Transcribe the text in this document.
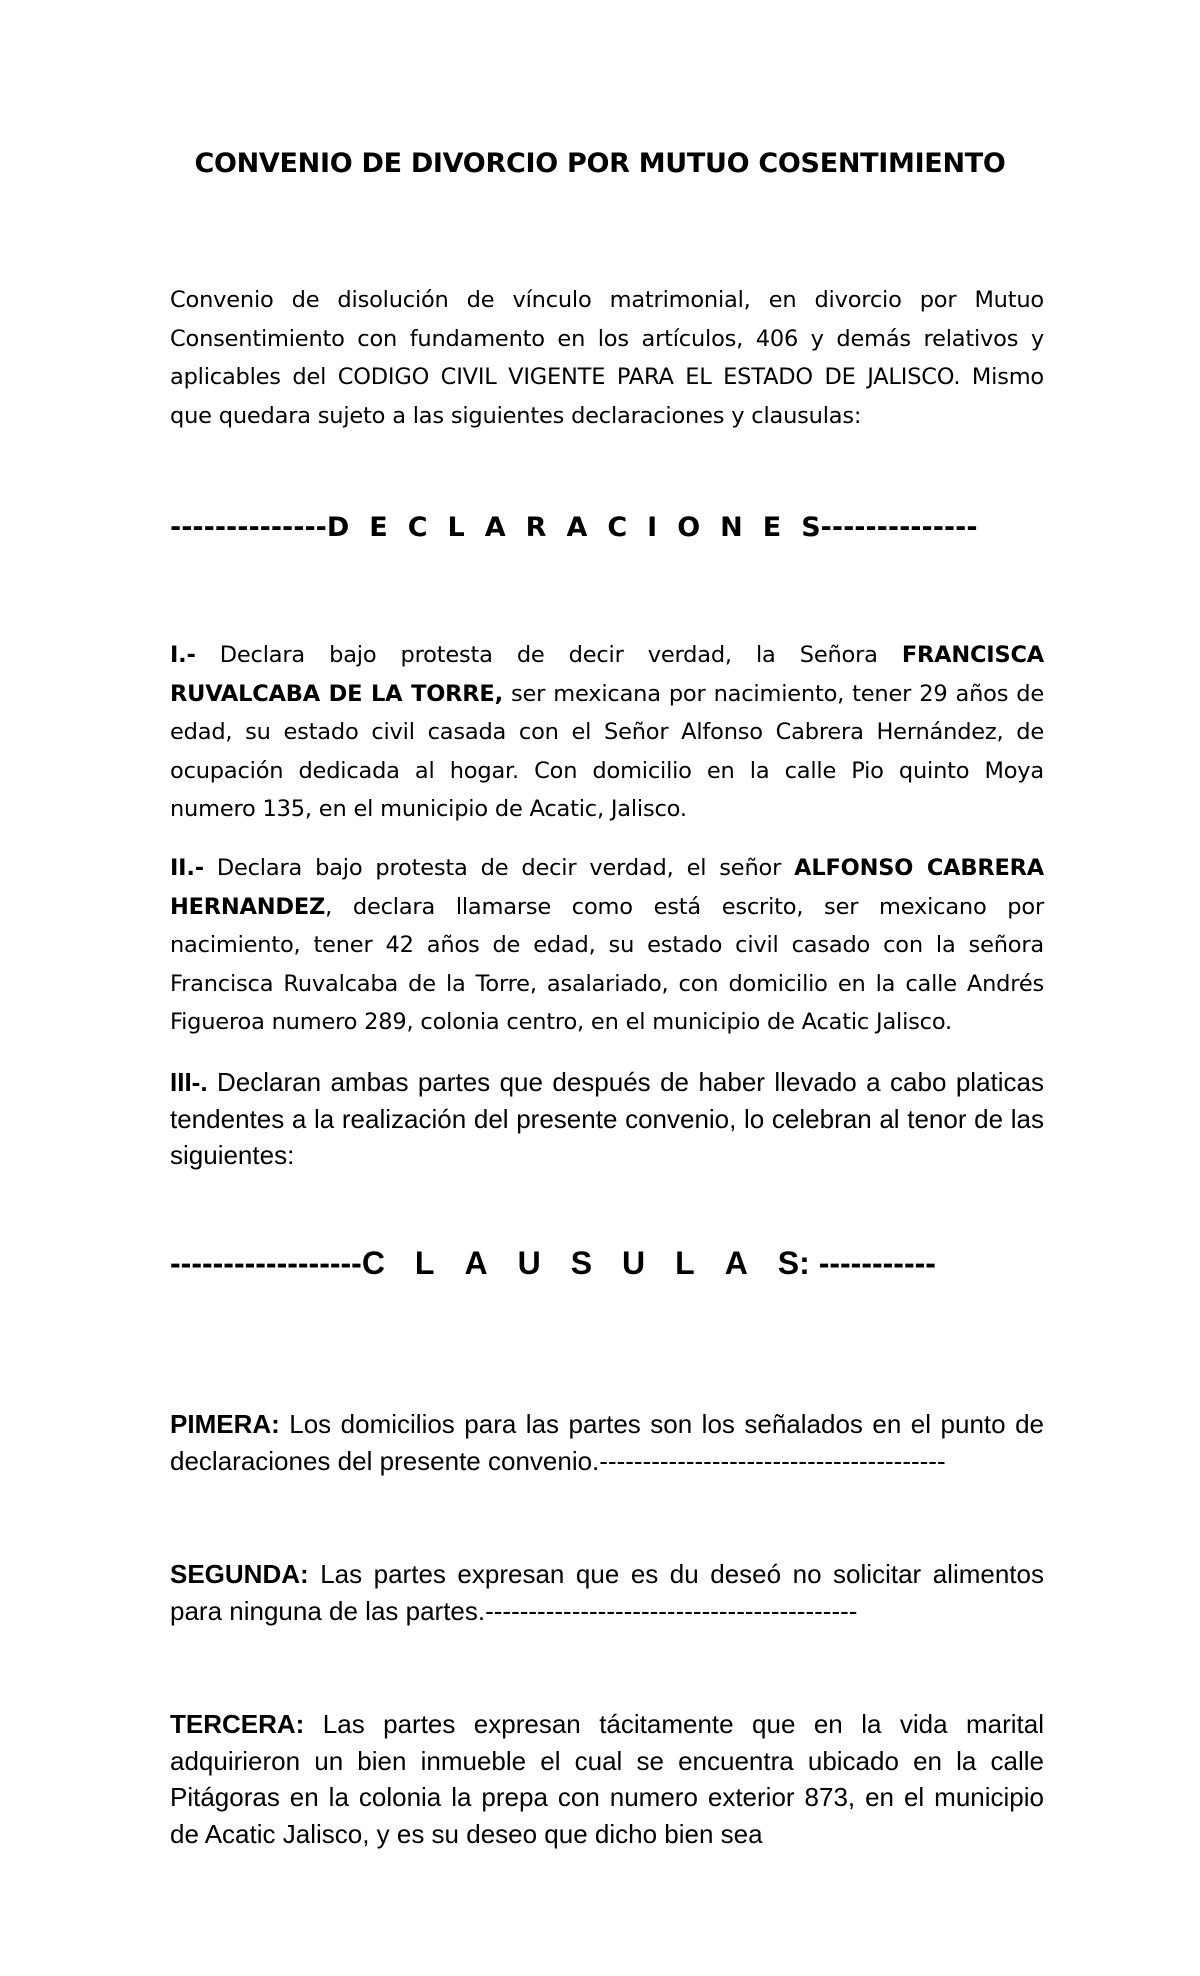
CONVENIO DE DIVORCIO POR MUTUO COSENTIMIENTO
Convenio de disolución de vínculo matrimonial, en divorcio por Mutuo Consentimiento con fundamento en los artículos, 406 y demás relativos y aplicables del CODIGO CIVIL VIGENTE PARA EL ESTADO DE JALISCO. Mismo que quedara sujeto a las siguientes declaraciones y clausulas:
--------------DECLARACIONES--------------
I.- Declara bajo protesta de decir verdad, la Señora FRANCISCA RUVALCABA DE LA TORRE, ser mexicana por nacimiento, tener 29 años de edad, su estado civil casada con el Señor Alfonso Cabrera Hernández, de ocupación dedicada al hogar. Con domicilio en la calle Pio quinto Moya numero 135, en el municipio de Acatic, Jalisco.
II.- Declara bajo protesta de decir verdad, el señor ALFONSO CABRERA HERNANDEZ, declara llamarse como está escrito, ser mexicano por nacimiento, tener 42 años de edad, su estado civil casado con la señora Francisca Ruvalcaba de la Torre, asalariado, con domicilio en la calle Andrés Figueroa numero 289, colonia centro, en el municipio de Acatic Jalisco.
III-. Declaran ambas partes que después de haber llevado a cabo platicas tendentes a la realización del presente convenio, lo celebran al tenor de las siguientes:
------------------CLAUSULAS: -----------
PIMERA: Los domicilios para las partes son los señalados en el punto de declaraciones del presente convenio.----------------------------------------
SEGUNDA: Las partes expresan que es du deseó no solicitar alimentos para ninguna de las partes.-------------------------------------------
TERCERA: Las partes expresan tácitamente que en la vida marital adquirieron un bien inmueble el cual se encuentra ubicado en la calle Pitágoras en la colonia la prepa con numero exterior 873, en el municipio de Acatic Jalisco, y es su deseo que dicho bien sea
